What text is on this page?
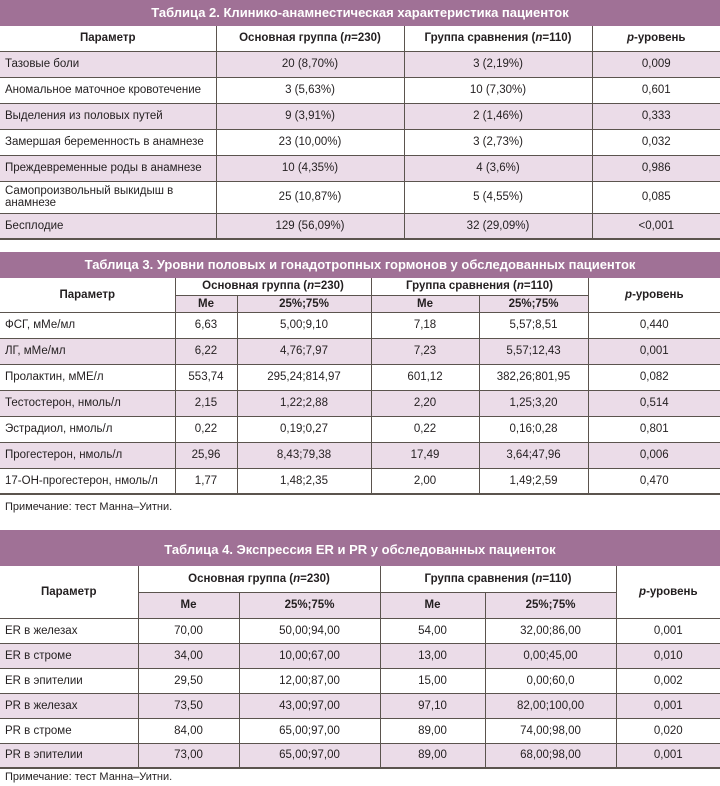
Таблица 2. Клинико-анамнестическая характеристика пациенток
Параметр	Основная группа (n=230)	Группа сравнения (n=110)	p-уровень
Тазовые боли	20 (8,70%)	3 (2,19%)	0,009
Аномальное маточное кровотечение	3 (5,63%)	10 (7,30%)	0,601
Выделения из половых путей	9 (3,91%)	2 (1,46%)	0,333
Замершая беременность в анамнезе	23 (10,00%)	3 (2,73%)	0,032
Преждевременные роды в анамнезе	10 (4,35%)	4 (3,6%)	0,986
Самопроизвольный выкидыш в анамнезе	25 (10,87%)	5 (4,55%)	0,085
Бесплодие	129 (56,09%)	32 (29,09%)	<0,001
Таблица 3. Уровни половых и гонадотропных гормонов у обследованных пациенток
Параметр	Основная группа (n=230)		Группа сравнения (n=110)		p-уровень
	Me	25%;75%	Me	25%;75%	
ФСГ, мМе/мл	6,63	5,00;9,10	7,18	5,57;8,51	0,440
ЛГ, мМе/мл	6,22	4,76;7,97	7,23	5,57;12,43	0,001
Пролактин, мМЕ/л	553,74	295,24;814,97	601,12	382,26;801,95	0,082
Тестостерон, нмоль/л	2,15	1,22;2,88	2,20	1,25;3,20	0,514
Эстрадиол, нмоль/л	0,22	0,19;0,27	0,22	0,16;0,28	0,801
Прогестерон, нмоль/л	25,96	8,43;79,38	17,49	3,64;47,96	0,006
17-ОН-прогестерон, нмоль/л	1,77	1,48;2,35	2,00	1,49;2,59	0,470
Примечание: тест Манна–Уитни.
Таблица 4. Экспрессия ER и PR у обследованных пациенток
Параметр	Основная группа (n=230)		Группа сравнения (n=110)		p-уровень
	Me	25%;75%	Me	25%;75%	
ER в железах	70,00	50,00;94,00	54,00	32,00;86,00	0,001
ER в строме	34,00	10,00;67,00	13,00	0,00;45,00	0,010
ER в эпителии	29,50	12,00;87,00	15,00	0,00;60,0	0,002
PR в железах	73,50	43,00;97,00	97,10	82,00;100,00	0,001
PR в строме	84,00	65,00;97,00	89,00	74,00;98,00	0,020
PR в эпителии	73,00	65,00;97,00	89,00	68,00;98,00	0,001
Примечание: тест Манна–Уитни.
